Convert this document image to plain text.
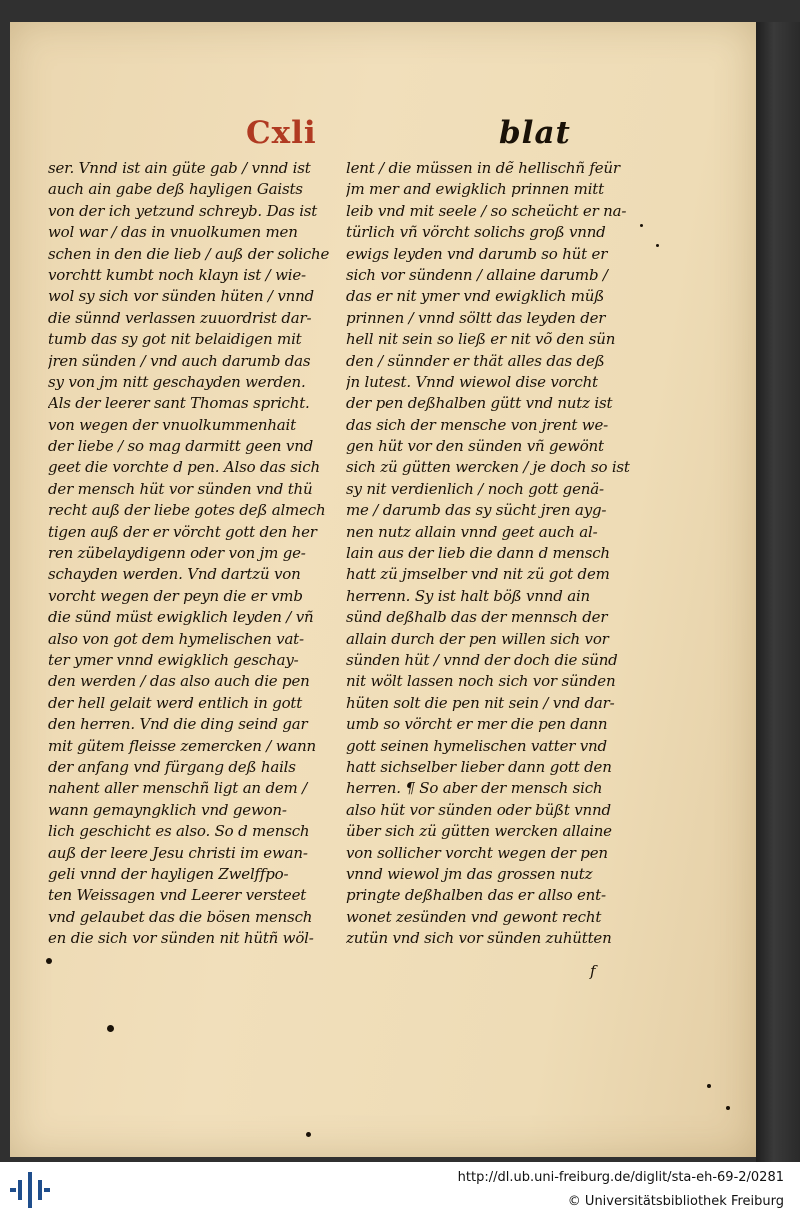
Cxli	blat
ser. Vnnd ist ain güte gab / vnnd ist
auch ain gabe deß hayligen Gaists
von der ich yetzund schreyb. Das ist
wol war / das in vnuolkumen men
schen in den die lieb / auß der soliche
vorchtt kumbt noch klayn ist / wie-
wol sy sich vor sünden hüten / vnnd
die sünnd verlassen zuuordrist dar-
tumb das sy got nit belaidigen mit
jren sünden / vnd auch darumb das
sy von jm nitt geschayden werden.
Als der leerer sant Thomas spricht.
von wegen der vnuolkummenhait
der liebe / so mag darmitt geen vnd
geet die vorchte d pen. Also das sich
der mensch hüt vor sünden vnd thü
recht auß der liebe gotes deß almech
tigen auß der er vörcht gott den her
ren zübelaydigenn oder von jm ge-
schayden werden. Vnd dartzü von
vorcht wegen der peyn die er vmb
die sünd müst ewigklich leyden / vñ
also von got dem hymelischen vat-
ter ymer vnnd ewigklich geschay-
den werden / das also auch die pen
der hell gelait werd entlich in gott
den herren. Vnd die ding seind gar
mit gütem fleisse zemercken / wann
der anfang vnd fürgang deß hails
nahent aller menschñ ligt an dem /
wann gemayngklich vnd gewon-
lich geschicht es also. So d mensch
auß der leere Jesu christi im ewan-
geli vnnd der hayligen Zwelffpo-
ten Weissagen vnd Leerer versteet
vnd gelaubet das die bösen mensch
en die sich vor sünden nit hütñ wöl-
lent / die müssen in dẽ hellischñ feür
jm mer and ewigklich prinnen mitt
leib vnd mit seele / so scheücht er na-
türlich vñ vörcht solichs groß vnnd
ewigs leyden vnd darumb so hüt er
sich vor sündenn / allaine darumb /
das er nit ymer vnd ewigklich müß
prinnen / vnnd söltt das leyden der
hell nit sein so ließ er nit võ den sün
den / sünnder er thät alles das deß
jn lutest. Vnnd wiewol dise vorcht
der pen deßhalben gütt vnd nutz ist
das sich der mensche von jrent we-
gen hüt vor den sünden vñ gewönt
sich zü gütten wercken / je doch so ist
sy nit verdienlich / noch gott genä-
me / darumb das sy sücht jren ayg-
nen nutz allain vnnd geet auch al-
lain aus der lieb die dann d mensch
hatt zü jmselber vnd nit zü got dem
herrenn. Sy ist halt böß vnnd ain
sünd deßhalb das der mennsch der
allain durch der pen willen sich vor
sünden hüt / vnnd der doch die sünd
nit wölt lassen noch sich vor sünden
hüten solt die pen nit sein / vnd dar-
umb so vörcht er mer die pen dann
gott seinen hymelischen vatter vnd
hatt sichselber lieber dann gott den
herren. ¶ So aber der mensch sich
also hüt vor sünden oder büßt vnnd
über sich zü gütten wercken allaine
von sollicher vorcht wegen der pen
vnnd wiewol jm das grossen nutz
pringte deßhalben das er allso ent-
wonet zesünden vnd gewont recht
zutün vnd sich vor sünden zuhütten
f
http://dl.ub.uni-freiburg.de/diglit/sta-eh-69-2/0281
© Universitätsbibliothek Freiburg
